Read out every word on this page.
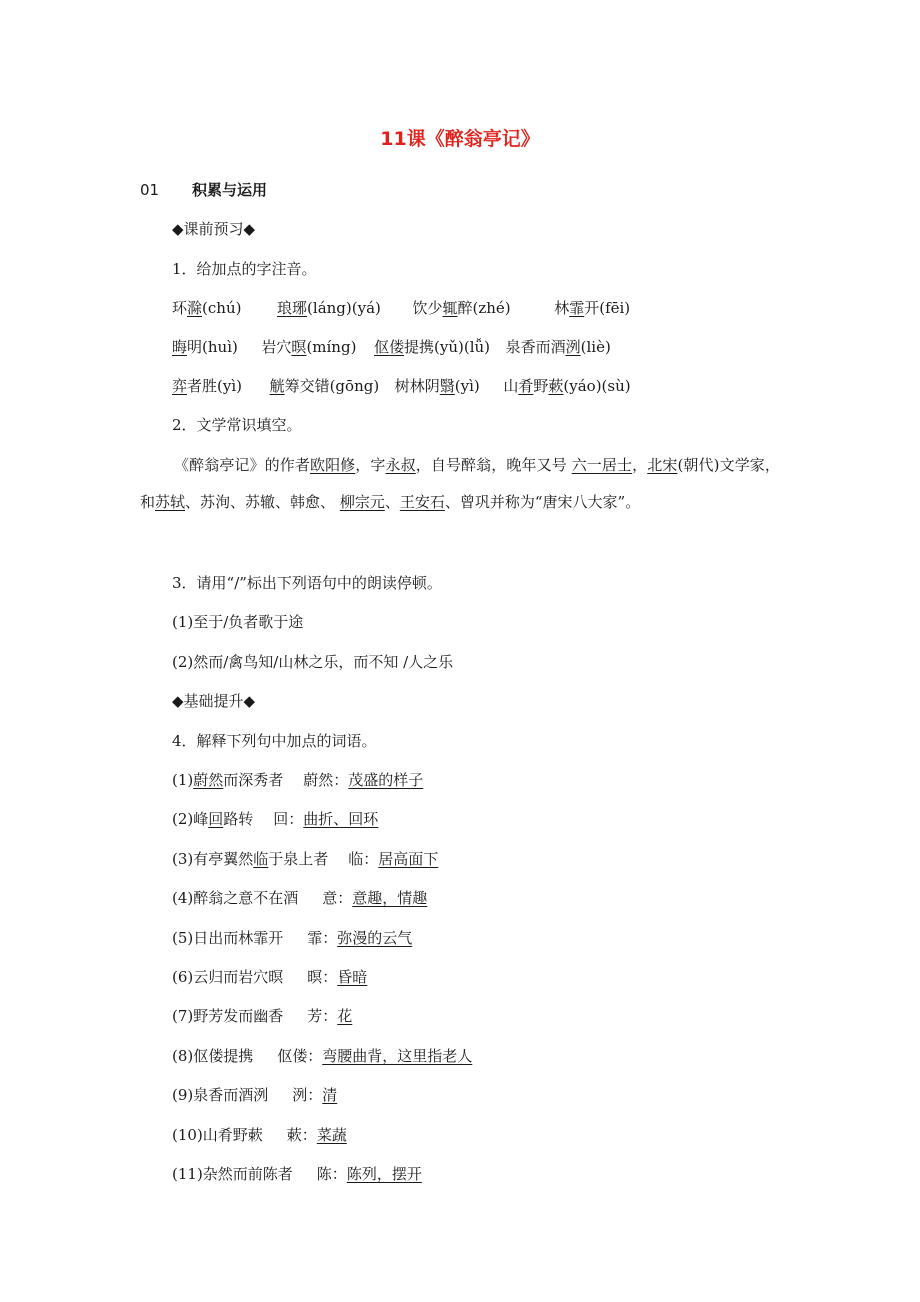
11课《醉翁亭记》
01 积累与运用
◆课前预习◆
1．给加点的字注音。
环滁(chú) 琅琊(láng)(yá) 饮少辄醉(zhé)	林霏开(fēi)
晦明(huì) 岩穴暝(míng) 伛偻提携(yǔ)(lǚ) 泉香而酒洌(liè)
弈者胜(yì) 觥筹交错(gōng) 树林阴翳(yì) 山肴野蔌(yáo)(sù)
2．文学常识填空。
《醉翁亭记》的作者欧阳修，字永叔，自号醉翁，晚年又号 六一居士，北宋(朝代)文学家，和苏轼、苏洵、苏辙、韩愈、 柳宗元、王安石、曾巩并称为“唐宋八大家”。
3．请用“/”标出下列语句中的朗读停顿。
(1)至于/负者歌于途
(2)然而/禽鸟知/山林之乐，而不知 /人之乐
◆基础提升◆
4．解释下列句中加点的词语。
(1)蔚然而深秀者 蔚然：茂盛的样子
(2)峰回路转 回：曲折、回环
(3)有亭翼然临于泉上者 临：居高面下
(4)醉翁之意不在酒 意：意趣，情趣
(5)日出而林霏开 霏：弥漫的云气
(6)云归而岩穴暝 暝：昏暗
(7)野芳发而幽香 芳：花
(8)伛偻提携 伛偻：弯腰曲背，这里指老人
(9)泉香而酒洌 洌：清
(10)山肴野蔌 蔌：菜蔬
(11)杂然而前陈者 陈：陈列，摆开
